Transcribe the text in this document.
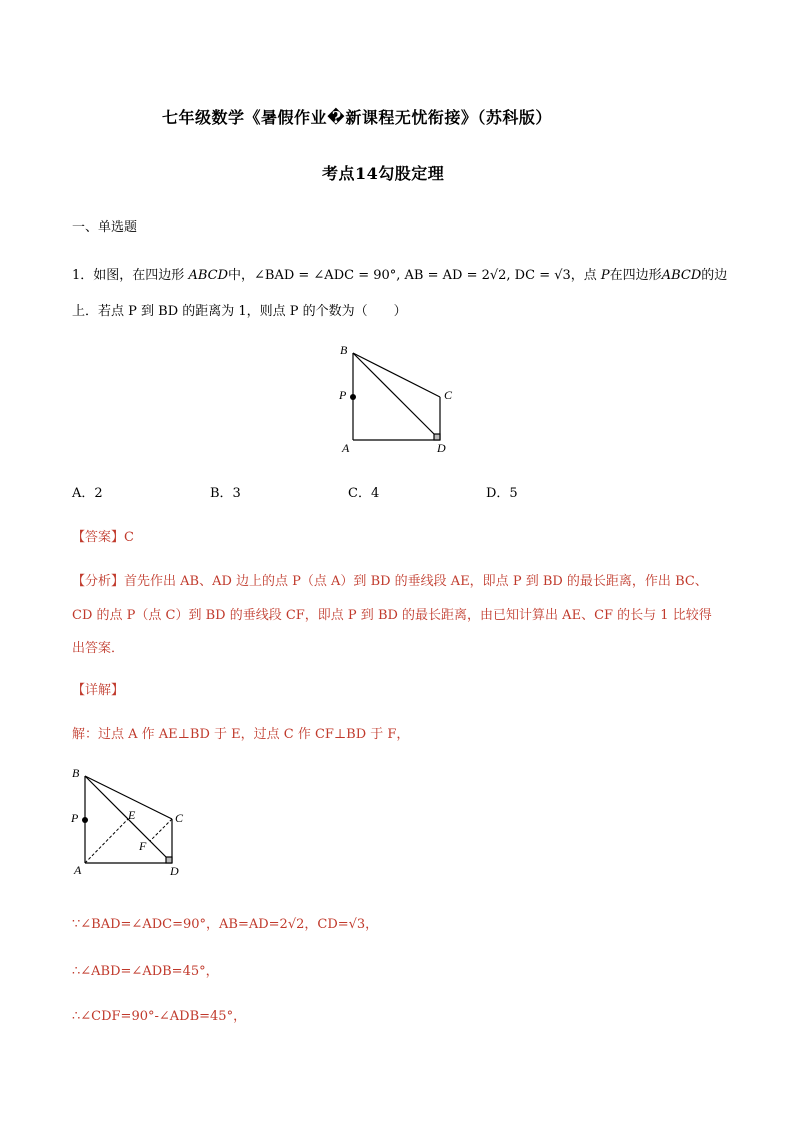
七年级数学《暑假作业�新课程无忧衔接》（苏科版）
考点14勾股定理
一、单选题
1．如图，在四边形 ABCD中，∠BAD = ∠ADC = 90°, AB = AD = 2√2, DC = √3，点 P在四边形ABCD的边
上．若点 P 到 BD 的距离为 1，则点 P 的个数为（　　）
B
P	C
A	D
A．2	B．3	C．4	D．5
【答案】C
【分析】首先作出 AB、AD 边上的点 P（点 A）到 BD 的垂线段 AE，即点 P 到 BD 的最长距离，作出 BC、
CD 的点 P（点 C）到 BD 的垂线段 CF，即点 P 到 BD 的最长距离，由已知计算出 AE、CF 的长与 1 比较得
出答案．
【详解】
解：过点 A 作 AE⊥BD 于 E，过点 C 作 CF⊥BD 于 F，
B
P	E	C
F
A	D
∵∠BAD=∠ADC=90°，AB=AD=2√2，CD=√3，
∴∠ABD=∠ADB=45°，
∴∠CDF=90°-∠ADB=45°，
